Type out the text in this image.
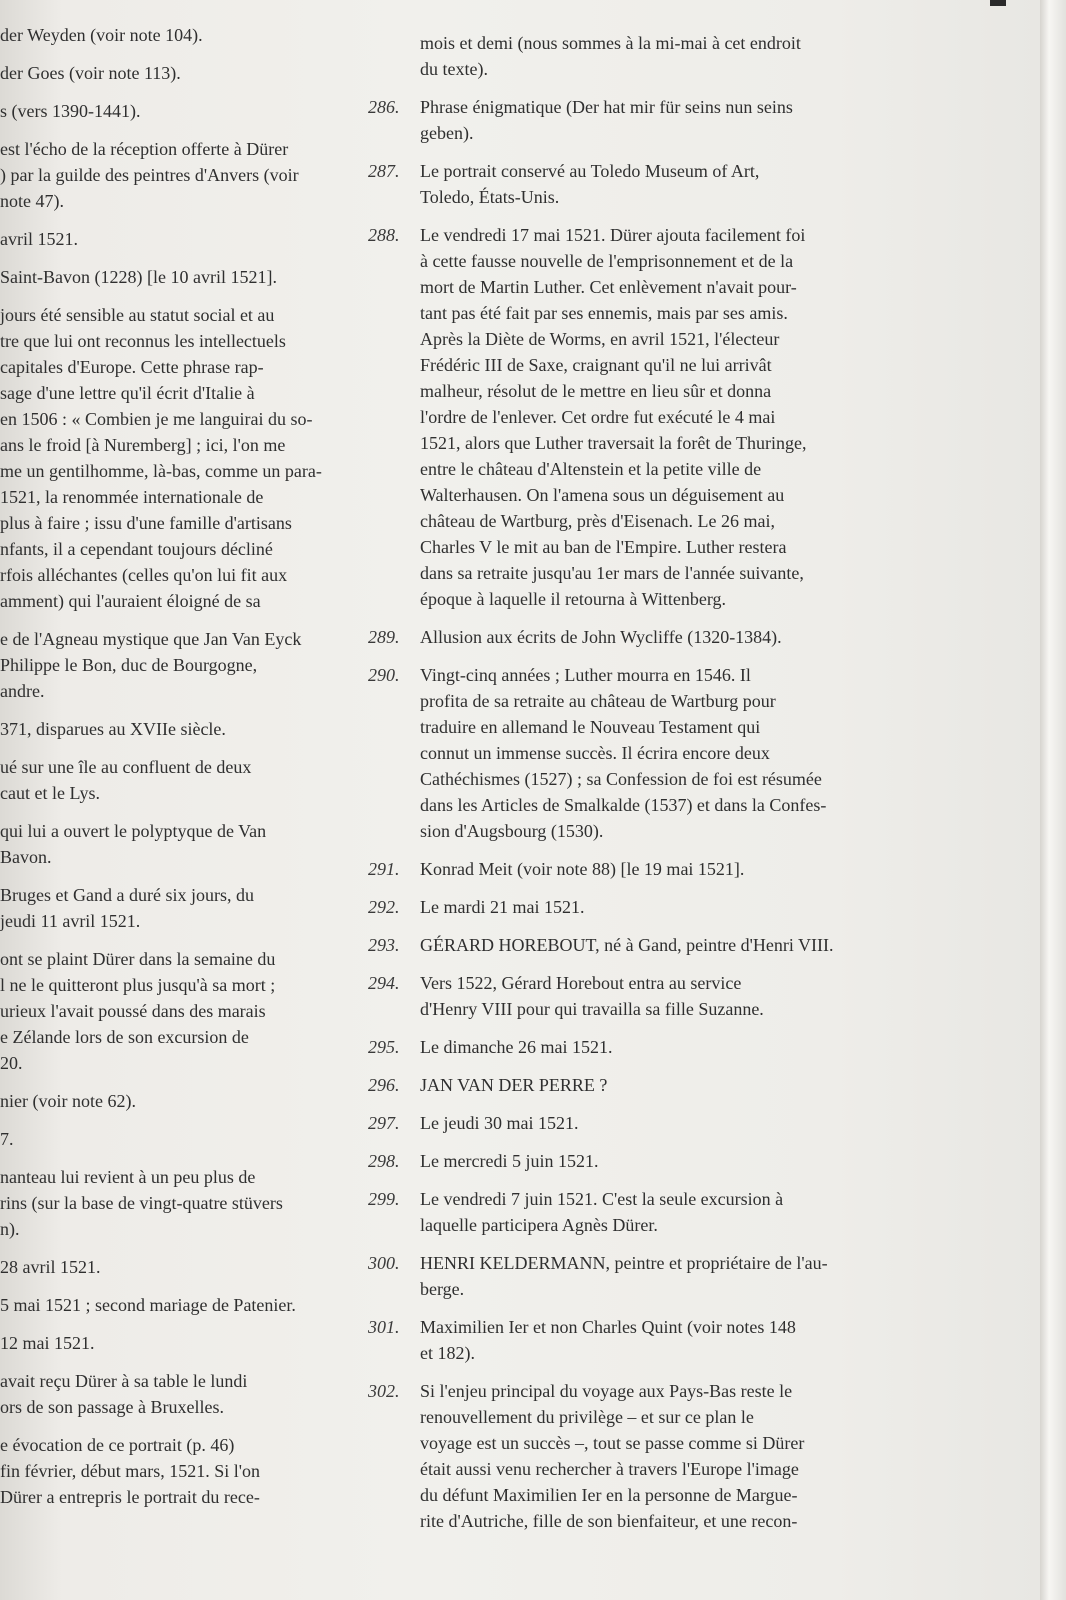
der Weyden (voir note 104).
der Goes (voir note 113).
s (vers 1390-1441).
est l'écho de la réception offerte à Dürer
) par la guilde des peintres d'Anvers (voir
note 47).
avril 1521.
Saint-Bavon (1228) [le 10 avril 1521].
jours été sensible au statut social et au
tre que lui ont reconnus les intellectuels
capitales d'Europe. Cette phrase rap-
sage d'une lettre qu'il écrit d'Italie à
en 1506 : « Combien je me languirai du so-
ans le froid [à Nuremberg] ; ici, l'on me
me un gentilhomme, là-bas, comme un para-
1521, la renommée internationale de
plus à faire ; issu d'une famille d'artisans
nfants, il a cependant toujours décliné
rfois alléchantes (celles qu'on lui fit aux
amment) qui l'auraient éloigné de sa
e de l'Agneau mystique que Jan Van Eyck
Philippe le Bon, duc de Bourgogne,
andre.
371, disparues au XVIIe siècle.
ué sur une île au confluent de deux
caut et le Lys.
qui lui a ouvert le polyptyque de Van
Bavon.
Bruges et Gand a duré six jours, du
jeudi 11 avril 1521.
ont se plaint Dürer dans la semaine du
l ne le quitteront plus jusqu'à sa mort ;
urieux l'avait poussé dans des marais
e Zélande lors de son excursion de
20.
nier (voir note 62).
7.
nanteau lui revient à un peu plus de
rins (sur la base de vingt-quatre stüvers
n).
28 avril 1521.
5 mai 1521 ; second mariage de Patenier.
12 mai 1521.
avait reçu Dürer à sa table le lundi
ors de son passage à Bruxelles.
e évocation de ce portrait (p. 46)
fin février, début mars, 1521. Si l'on
Dürer a entrepris le portrait du rece-
mois et demi (nous sommes à la mi-mai à cet endroit
du texte).
286.	Phrase énigmatique (Der hat mir für seins nun seins
geben).
287.	Le portrait conservé au Toledo Museum of Art,
Toledo, États-Unis.
288.	Le vendredi 17 mai 1521. Dürer ajouta facilement foi
à cette fausse nouvelle de l'emprisonnement et de la
mort de Martin Luther. Cet enlèvement n'avait pour-
tant pas été fait par ses ennemis, mais par ses amis.
Après la Diète de Worms, en avril 1521, l'électeur
Frédéric III de Saxe, craignant qu'il ne lui arrivât
malheur, résolut de le mettre en lieu sûr et donna
l'ordre de l'enlever. Cet ordre fut exécuté le 4 mai
1521, alors que Luther traversait la forêt de Thuringe,
entre le château d'Altenstein et la petite ville de
Walterhausen. On l'amena sous un déguisement au
château de Wartburg, près d'Eisenach. Le 26 mai,
Charles V le mit au ban de l'Empire. Luther restera
dans sa retraite jusqu'au 1er mars de l'année suivante,
époque à laquelle il retourna à Wittenberg.
289.	Allusion aux écrits de John Wycliffe (1320-1384).
290.	Vingt-cinq années ; Luther mourra en 1546. Il
profita de sa retraite au château de Wartburg pour
traduire en allemand le Nouveau Testament qui
connut un immense succès. Il écrira encore deux
Cathéchismes (1527) ; sa Confession de foi est résumée
dans les Articles de Smalkalde (1537) et dans la Confes-
sion d'Augsbourg (1530).
291.	Konrad Meit (voir note 88) [le 19 mai 1521].
292.	Le mardi 21 mai 1521.
293.	GÉRARD HOREBOUT, né à Gand, peintre d'Henri VIII.
294.	Vers 1522, Gérard Horebout entra au service
d'Henry VIII pour qui travailla sa fille Suzanne.
295.	Le dimanche 26 mai 1521.
296.	JAN VAN DER PERRE ?
297.	Le jeudi 30 mai 1521.
298.	Le mercredi 5 juin 1521.
299.	Le vendredi 7 juin 1521. C'est la seule excursion à
laquelle participera Agnès Dürer.
300.	HENRI KELDERMANN, peintre et propriétaire de l'au-
berge.
301.	Maximilien Ier et non Charles Quint (voir notes 148
et 182).
302.	Si l'enjeu principal du voyage aux Pays-Bas reste le
renouvellement du privilège – et sur ce plan le
voyage est un succès –, tout se passe comme si Dürer
était aussi venu rechercher à travers l'Europe l'image
du défunt Maximilien Ier en la personne de Margue-
rite d'Autriche, fille de son bienfaiteur, et une recon-
